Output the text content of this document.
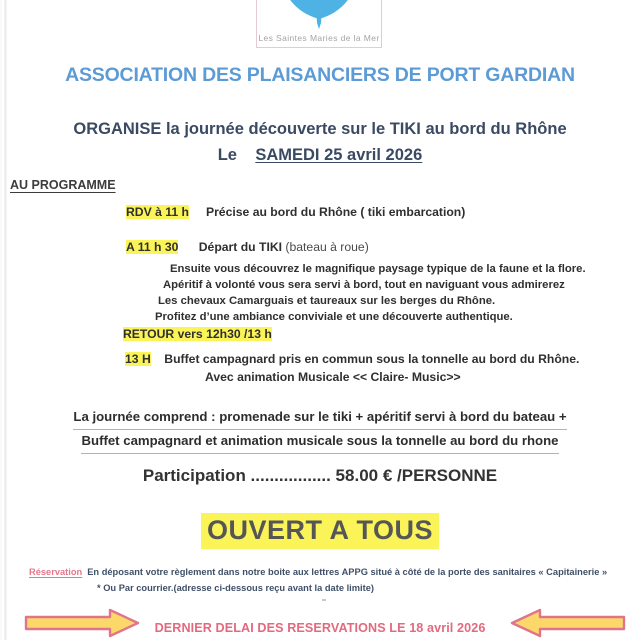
Les Saintes Maries de la Mer
ASSOCIATION DES PLAISANCIERS DE PORT GARDIAN
ORGANISE la journée découverte sur le TIKI au bord du Rhône
Le SAMEDI 25 avril 2026
AU PROGRAMME
RDV à 11 h Précise au bord du Rhône ( tiki embarcation)
A 11 h 30 Départ du TIKI (bateau à roue)
Ensuite vous découvrez le magnifique paysage typique de la faune et la flore.
Apéritif à volonté vous sera servi à bord, tout en naviguant vous admirerez
Les chevaux Camarguais et taureaux sur les berges du Rhône.
Profitez d’une ambiance conviviale et une découverte authentique.
RETOUR vers 12h30 /13 h
13 H Buffet campagnard pris en commun sous la tonnelle au bord du Rhône.
Avec animation Musicale << Claire- Music>>
La journée comprend : promenade sur le tiki + apéritif servi à bord du bateau +
Buffet campagnard et animation musicale sous la tonnelle au bord du rhone
Participation ................. 58.00 € /PERSONNE
OUVERT A TOUS
Réservation En déposant votre règlement dans notre boite aux lettres APPG situé à côté de la porte des sanitaires « Capitainerie »
* Ou Par courrier.(adresse ci-dessous reçu avant la date limite)
DERNIER DELAI DES RESERVATIONS LE 18 avril 2026
